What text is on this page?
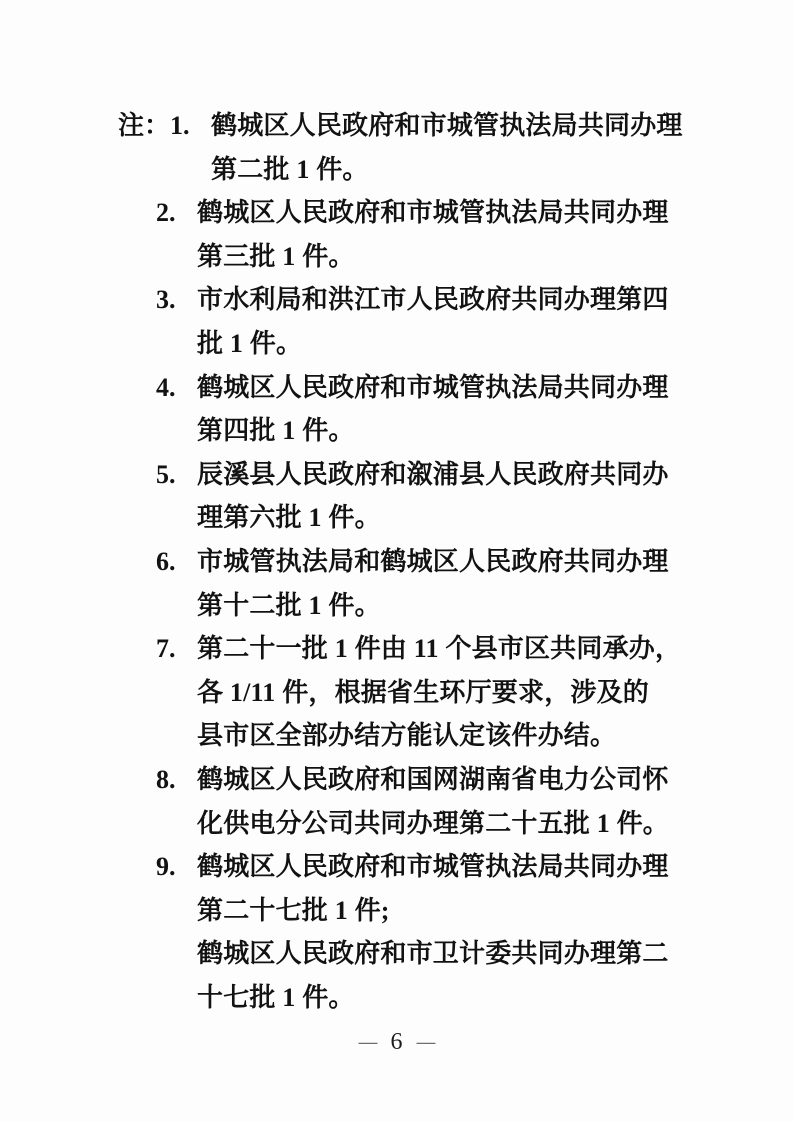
注： 1. 鹤城区人民政府和市城管执法局共同办理
第二批 1 件。
2. 鹤城区人民政府和市城管执法局共同办理
第三批 1 件。
3. 市水利局和洪江市人民政府共同办理第四
批 1 件。
4. 鹤城区人民政府和市城管执法局共同办理
第四批 1 件。
5. 辰溪县人民政府和溆浦县人民政府共同办
理第六批 1 件。
6. 市城管执法局和鹤城区人民政府共同办理
第十二批 1 件。
7. 第二十一批 1 件由 11 个县市区共同承办，
各 1/11 件，根据省生环厅要求，涉及的
县市区全部办结方能认定该件办结。
8. 鹤城区人民政府和国网湖南省电力公司怀
化供电分公司共同办理第二十五批 1 件。
9. 鹤城区人民政府和市城管执法局共同办理
第二十七批 1 件;
鹤城区人民政府和市卫计委共同办理第二
十七批 1 件。
— 6 —
